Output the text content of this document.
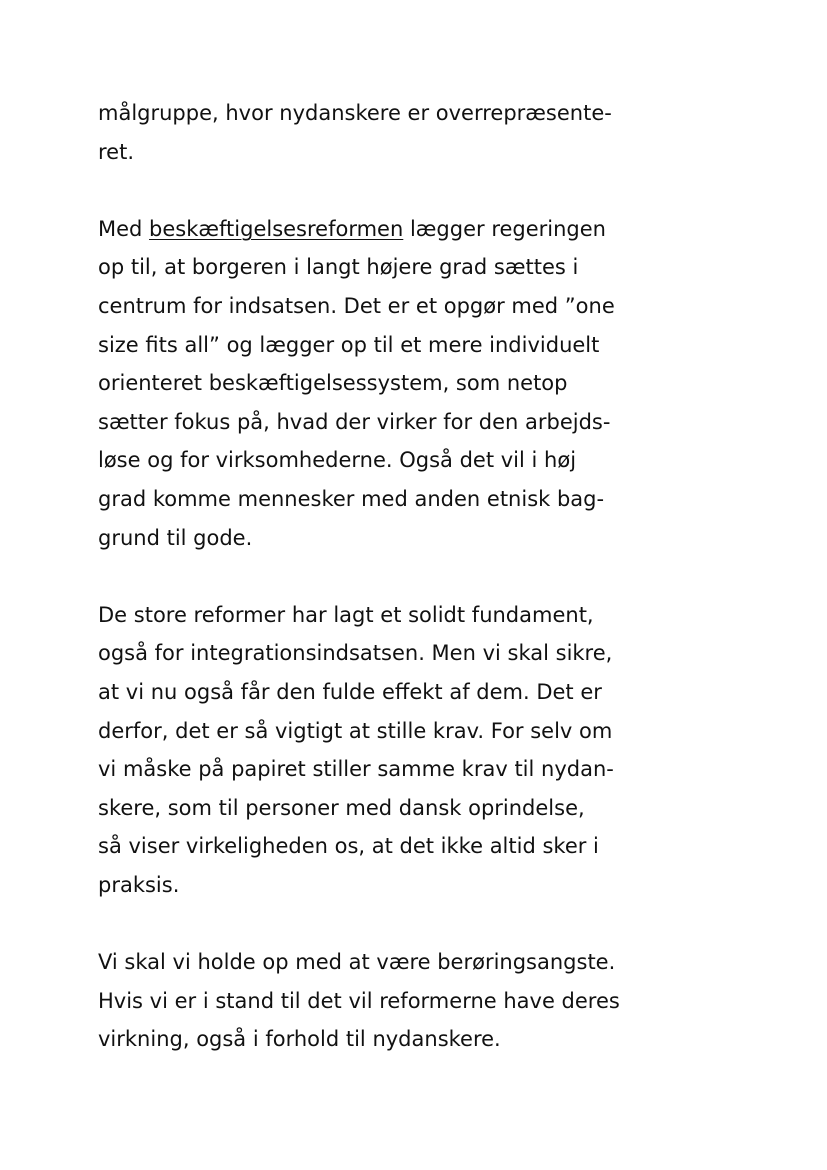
målgruppe, hvor nydanskere er overrepræsente-
ret.
Med beskæftigelsesreformen lægger regeringen
op til, at borgeren i langt højere grad sættes i
centrum for indsatsen. Det er et opgør med ”one
size fits all” og lægger op til et mere individuelt
orienteret beskæftigelsessystem, som netop
sætter fokus på, hvad der virker for den arbejds-
løse og for virksomhederne. Også det vil i høj
grad komme mennesker med anden etnisk bag-
grund til gode.
De store reformer har lagt et solidt fundament,
også for integrationsindsatsen. Men vi skal sikre,
at vi nu også får den fulde effekt af dem. Det er
derfor, det er så vigtigt at stille krav. For selv om
vi måske på papiret stiller samme krav til nydan-
skere, som til personer med dansk oprindelse,
så viser virkeligheden os, at det ikke altid sker i
praksis.
Vi skal vi holde op med at være berøringsangste.
Hvis vi er i stand til det vil reformerne have deres
virkning, også i forhold til nydanskere.
